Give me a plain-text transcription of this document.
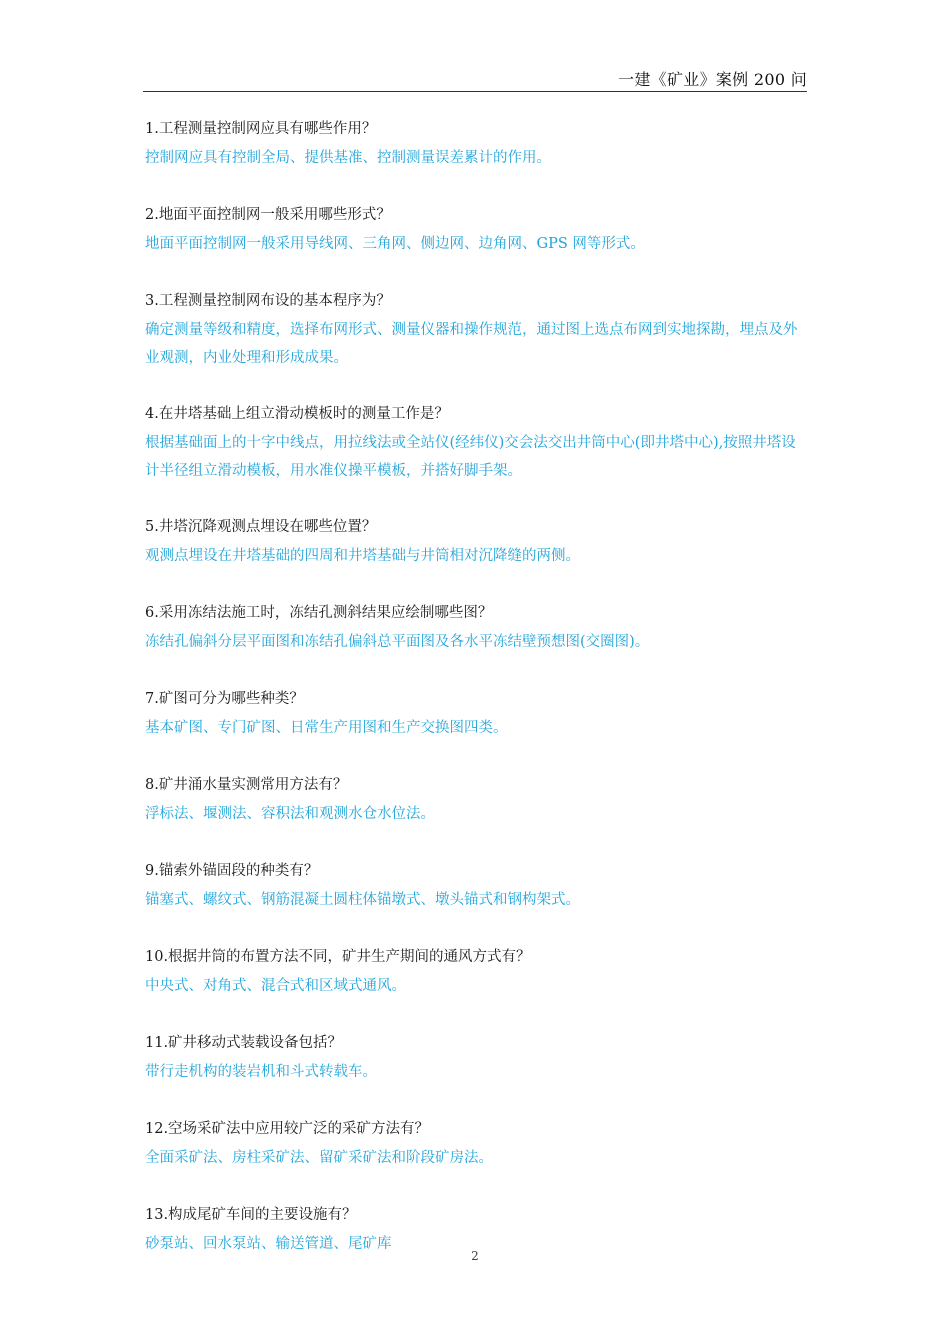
一建《矿业》案例 200 问
1.工程测量控制网应具有哪些作用？
控制网应具有控制全局、提供基准、控制测量误差累计的作用。
2.地面平面控制网一般采用哪些形式？
地面平面控制网一般采用导线网、三角网、侧边网、边角网、GPS 网等形式。
3.工程测量控制网布设的基本程序为？
确定测量等级和精度，选择布网形式、测量仪器和操作规范，通过图上选点布网到实地探勘，埋点及外业观测，内业处理和形成成果。
4.在井塔基础上组立滑动模板时的测量工作是？
根据基础面上的十字中线点，用拉线法或全站仪(经纬仪)交会法交出井筒中心(即井塔中心),按照井塔设计半径组立滑动模板，用水准仪操平模板，并搭好脚手架。
5.井塔沉降观测点埋设在哪些位置？
观测点埋设在井塔基础的四周和井塔基础与井筒相对沉降缝的两侧。
6.采用冻结法施工时，冻结孔测斜结果应绘制哪些图？
冻结孔偏斜分层平面图和冻结孔偏斜总平面图及各水平冻结壁预想图(交圈图)。
7.矿图可分为哪些种类？
基本矿图、专门矿图、日常生产用图和生产交换图四类。
8.矿井涌水量实测常用方法有？
浮标法、堰测法、容积法和观测水仓水位法。
9.锚索外锚固段的种类有？
锚塞式、螺纹式、钢筋混凝土圆柱体锚墩式、墩头锚式和钢构架式。
10.根据井筒的布置方法不同，矿井生产期间的通风方式有？
中央式、对角式、混合式和区域式通风。
11.矿井移动式装载设备包括？
带行走机构的装岩机和斗式转载车。
12.空场采矿法中应用较广泛的采矿方法有？
全面采矿法、房柱采矿法、留矿采矿法和阶段矿房法。
13.构成尾矿车间的主要设施有？
砂泵站、回水泵站、输送管道、尾矿库
2
